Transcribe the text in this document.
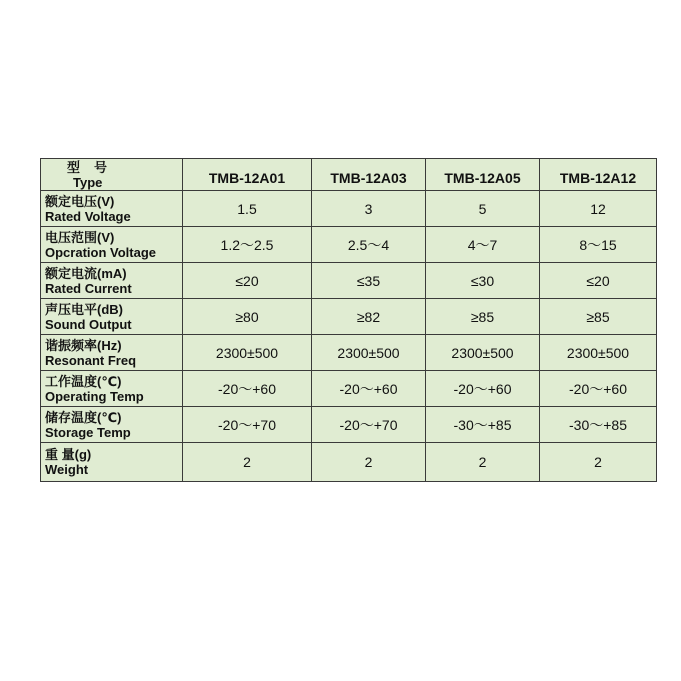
型号
Type	TMB-12A01	TMB-12A03	TMB-12A05	TMB-12A12

额定电压(V)
Rated Voltage	1.5	3	5	12

电压范围(V)
Opcration Voltage	1.2～2.5	2.5～4	4～7	8～15

额定电流(mA)
Rated Current	≤20	≤35	≤30	≤20

声压电平(dB)
Sound Output	≥80	≥82	≥85	≥85

谐振频率(Hz)
Resonant Freq	2300±500	2300±500	2300±500	2300±500

工作温度(℃)
Operating Temp	-20～+60	-20～+60	-20～+60	-20～+60

储存温度(℃)
Storage Temp	-20～+70	-20～+70	-30～+85	-30～+85

重 量(g)
Weight	2	2	2	2
